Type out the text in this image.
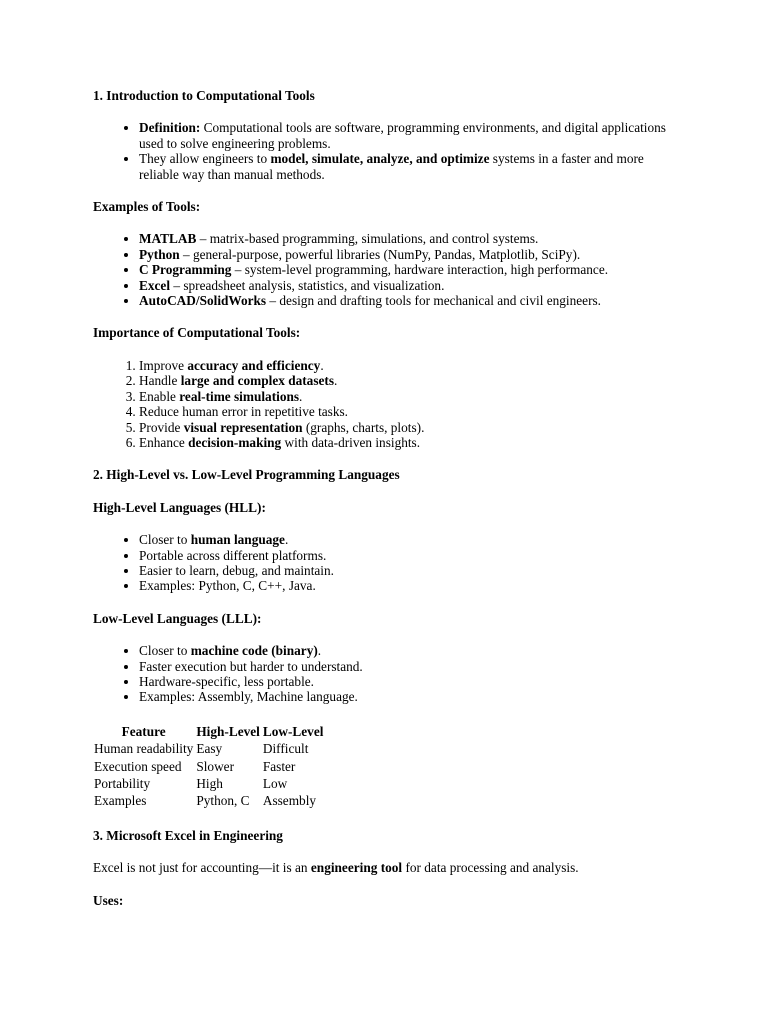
1. Introduction to Computational Tools

• Definition: Computational tools are software, programming environments, and digital applications used to solve engineering problems.
• They allow engineers to model, simulate, analyze, and optimize systems in a faster and more reliable way than manual methods.

Examples of Tools:

• MATLAB – matrix-based programming, simulations, and control systems.
• Python – general-purpose, powerful libraries (NumPy, Pandas, Matplotlib, SciPy).
• C Programming – system-level programming, hardware interaction, high performance.
• Excel – spreadsheet analysis, statistics, and visualization.
• AutoCAD/SolidWorks – design and drafting tools for mechanical and civil engineers.

Importance of Computational Tools:

1. Improve accuracy and efficiency.
2. Handle large and complex datasets.
3. Enable real-time simulations.
4. Reduce human error in repetitive tasks.
5. Provide visual representation (graphs, charts, plots).
6. Enhance decision-making with data-driven insights.

2. High-Level vs. Low-Level Programming Languages

High-Level Languages (HLL):

• Closer to human language.
• Portable across different platforms.
• Easier to learn, debug, and maintain.
• Examples: Python, C, C++, Java.

Low-Level Languages (LLL):

• Closer to machine code (binary).
• Faster execution but harder to understand.
• Hardware-specific, less portable.
• Examples: Assembly, Machine language.
Feature	High-Level	Low-Level
Human readability	Easy	Difficult
Execution speed	Slower	Faster
Portability	High	Low
Examples	Python, C	Assembly

3. Microsoft Excel in Engineering

Excel is not just for accounting—it is an engineering tool for data processing and analysis.

Uses:
